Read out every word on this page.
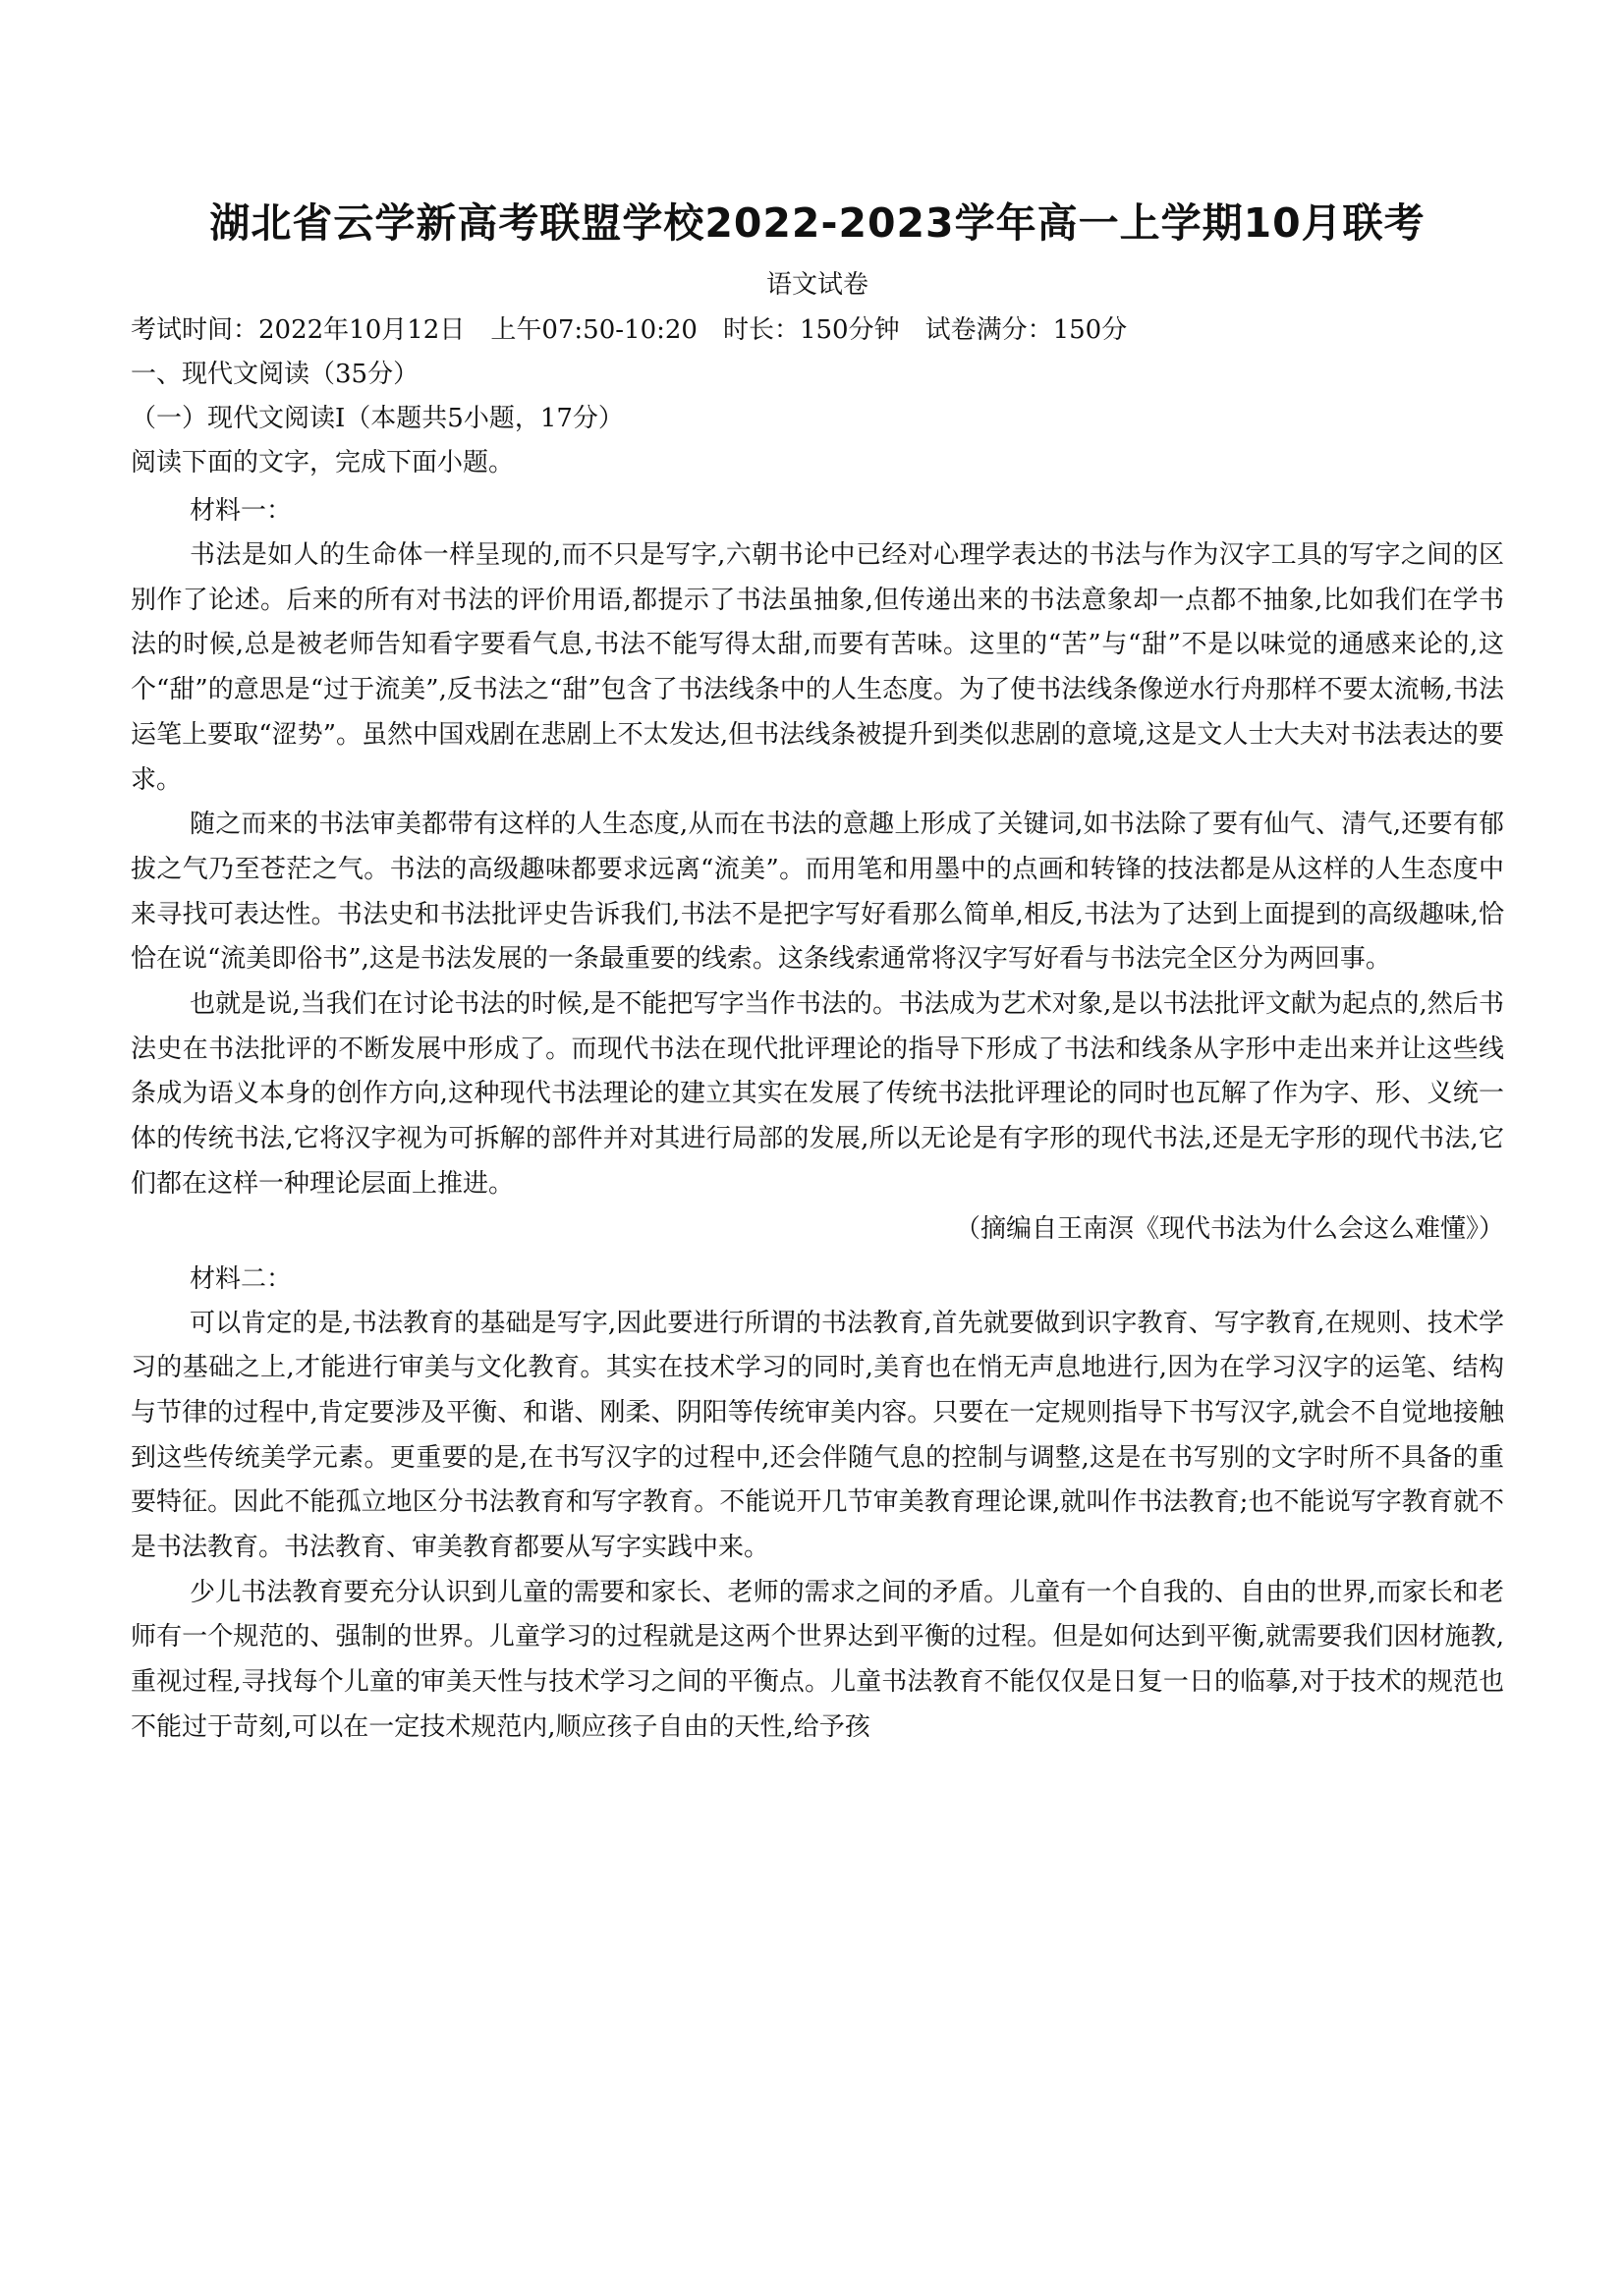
湖北省云学新高考联盟学校2022-2023学年高一上学期10月联考
语文试卷
考试时间：2022年10月12日　上午07:50-10:20　时长：150分钟　试卷满分：150分
一、现代文阅读（35分）
（一）现代文阅读Ⅰ（本题共5小题，17分）
阅读下面的文字，完成下面小题。
材料一：

书法是如人的生命体一样呈现的,而不只是写字,六朝书论中已经对心理学表达的书法与作为汉字工具的写字之间的区别作了论述。后来的所有对书法的评价用语,都提示了书法虽抽象,但传递出来的书法意象却一点都不抽象,比如我们在学书法的时候,总是被老师告知看字要看气息,书法不能写得太甜,而要有苦味。这里的“苦”与“甜”不是以味觉的通感来论的,这个“甜”的意思是“过于流美”,反书法之“甜”包含了书法线条中的人生态度。为了使书法线条像逆水行舟那样不要太流畅,书法运笔上要取“涩势”。虽然中国戏剧在悲剧上不太发达,但书法线条被提升到类似悲剧的意境,这是文人士大夫对书法表达的要求。

随之而来的书法审美都带有这样的人生态度,从而在书法的意趣上形成了关键词,如书法除了要有仙气、清气,还要有郁拔之气乃至苍茫之气。书法的高级趣味都要求远离“流美”。而用笔和用墨中的点画和转锋的技法都是从这样的人生态度中来寻找可表达性。书法史和书法批评史告诉我们,书法不是把字写好看那么简单,相反,书法为了达到上面提到的高级趣味,恰恰在说“流美即俗书”,这是书法发展的一条最重要的线索。这条线索通常将汉字写好看与书法完全区分为两回事。

也就是说,当我们在讨论书法的时候,是不能把写字当作书法的。书法成为艺术对象,是以书法批评文献为起点的,然后书法史在书法批评的不断发展中形成了。而现代书法在现代批评理论的指导下形成了书法和线条从字形中走出来并让这些线条成为语义本身的创作方向,这种现代书法理论的建立其实在发展了传统书法批评理论的同时也瓦解了作为字、形、义统一体的传统书法,它将汉字视为可拆解的部件并对其进行局部的发展,所以无论是有字形的现代书法,还是无字形的现代书法,它们都在这样一种理论层面上推进。

（摘编自王南溟《现代书法为什么会这么难懂》）
材料二：

可以肯定的是,书法教育的基础是写字,因此要进行所谓的书法教育,首先就要做到识字教育、写字教育,在规则、技术学习的基础之上,才能进行审美与文化教育。其实在技术学习的同时,美育也在悄无声息地进行,因为在学习汉字的运笔、结构与节律的过程中,肯定要涉及平衡、和谐、刚柔、阴阳等传统审美内容。只要在一定规则指导下书写汉字,就会不自觉地接触到这些传统美学元素。更重要的是,在书写汉字的过程中,还会伴随气息的控制与调整,这是在书写别的文字时所不具备的重要特征。因此不能孤立地区分书法教育和写字教育。不能说开几节审美教育理论课,就叫作书法教育;也不能说写字教育就不是书法教育。书法教育、审美教育都要从写字实践中来。

少儿书法教育要充分认识到儿童的需要和家长、老师的需求之间的矛盾。儿童有一个自我的、自由的世界,而家长和老师有一个规范的、强制的世界。儿童学习的过程就是这两个世界达到平衡的过程。但是如何达到平衡,就需要我们因材施教,重视过程,寻找每个儿童的审美天性与技术学习之间的平衡点。儿童书法教育不能仅仅是日复一日的临摹,对于技术的规范也不能过于苛刻,可以在一定技术规范内,顺应孩子自由的天性,给予孩
